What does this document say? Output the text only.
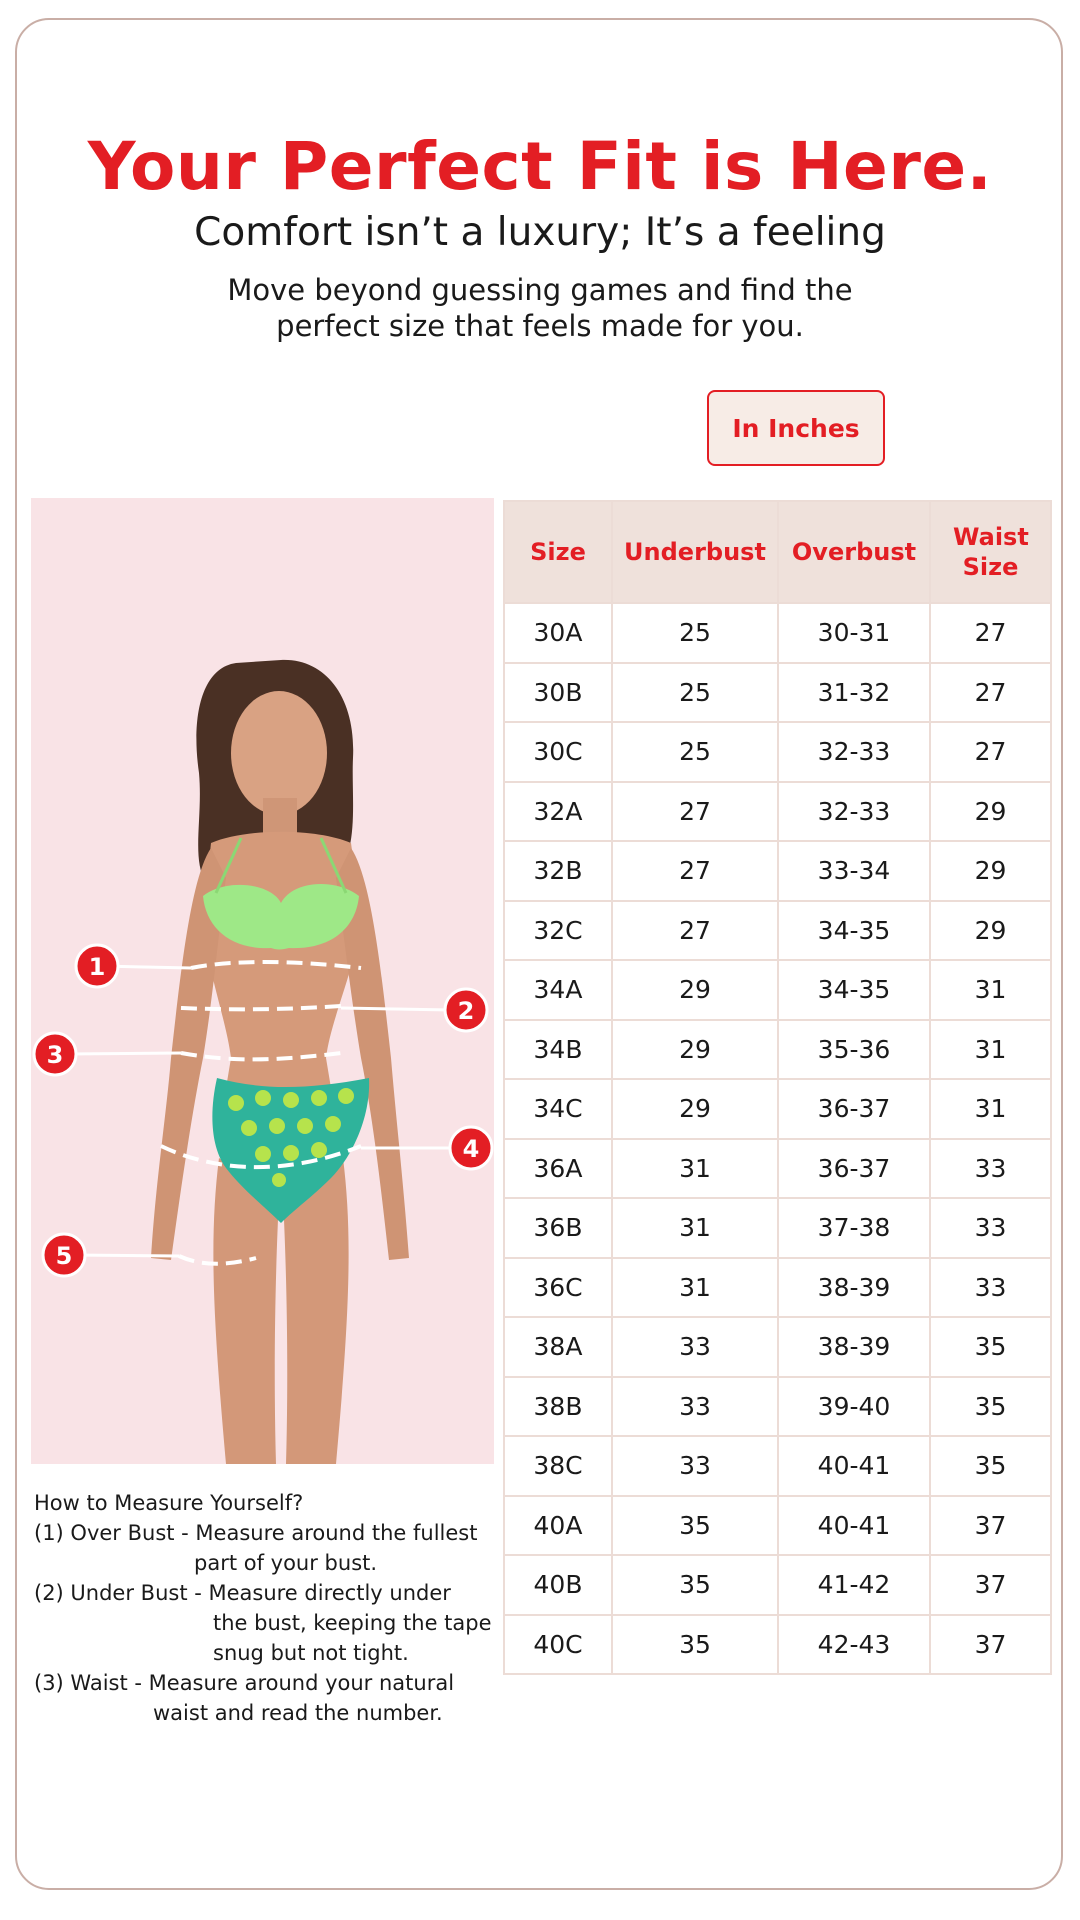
Your Perfect Fit is Here.
Comfort isn’t a luxury; It’s a feeling
Move beyond guessing games and find the
perfect size that feels made for you.
In Inches
1
2
3
4
5

How to Measure Yourself?

(1) Over Bust - Measure around the fullest

part of your bust.

(2) Under Bust - Measure directly under

the bust, keeping the tape

snug but not tight.

(3) Waist - Measure around your natural

waist and read the number.

Size	Underbust	Overbust	Waist Size
30A	25	30-31	27
30B	25	31-32	27
30C	25	32-33	27
32A	27	32-33	29
32B	27	33-34	29
32C	27	34-35	29
34A	29	34-35	31
34B	29	35-36	31
34C	29	36-37	31
36A	31	36-37	33
36B	31	37-38	33
36C	31	38-39	33
38A	33	38-39	35
38B	33	39-40	35
38C	33	40-41	35
40A	35	40-41	37
40B	35	41-42	37
40C	35	42-43	37
